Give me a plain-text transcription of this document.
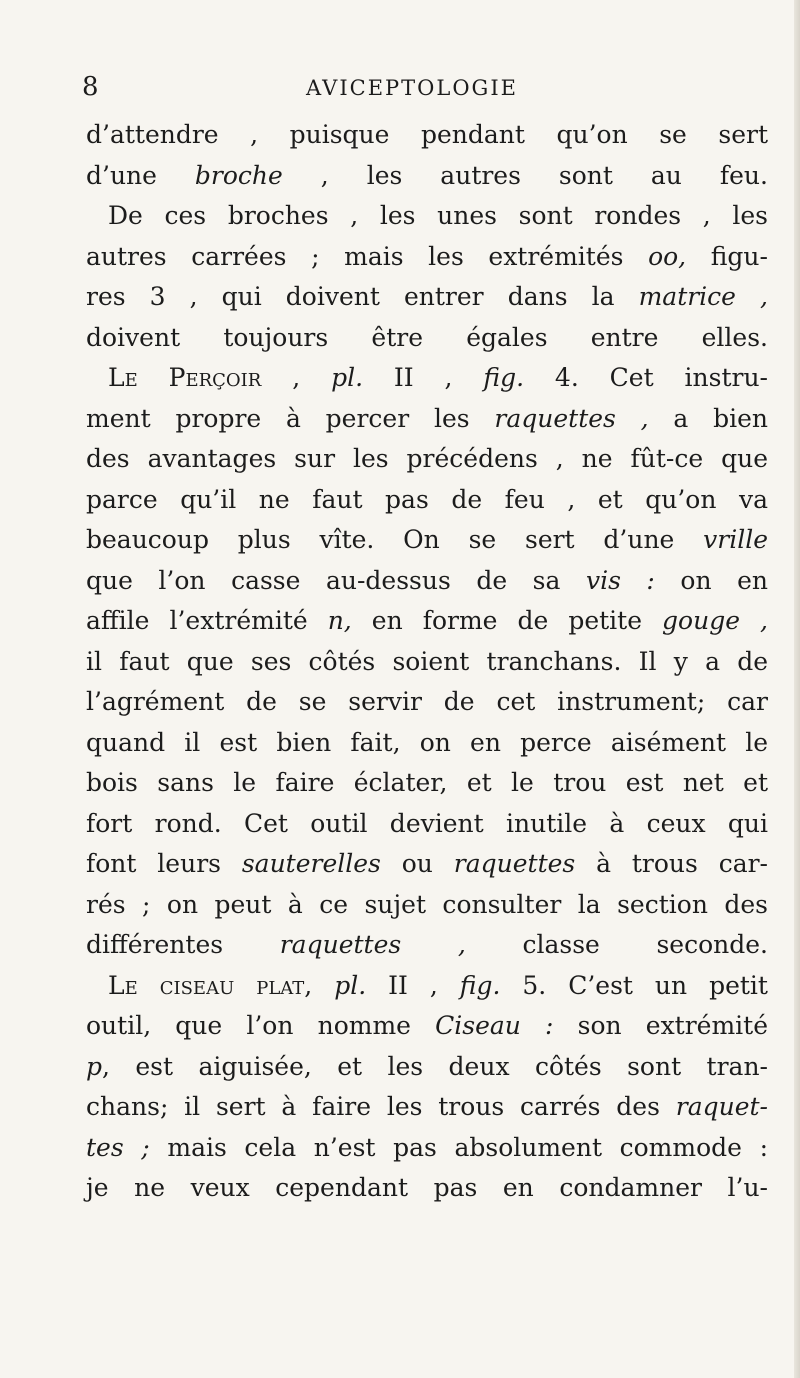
8	AVICEPTOLOGIE
d’attendre , puisque pendant qu’on se sert
d’une broche , les autres sont au feu.
De ces broches , les unes sont rondes , les
autres carrées ; mais les extrémités oo, figu-
res 3 , qui doivent entrer dans la matrice ,
doivent toujours être égales entre elles.
Le Perçoir , pl. II , fig. 4. Cet instru-
ment propre à percer les raquettes , a bien
des avantages sur les précédens , ne fût-ce que
parce qu’il ne faut pas de feu , et qu’on va
beaucoup plus vîte. On se sert d’une vrille
que l’on casse au-dessus de sa vis : on en
affile l’extrémité n, en forme de petite gouge ,
il faut que ses côtés soient tranchans. Il y a de
l’agrément de se servir de cet instrument; car
quand il est bien fait, on en perce aisément le
bois sans le faire éclater, et le trou est net et
fort rond. Cet outil devient inutile à ceux qui
font leurs sauterelles ou raquettes à trous car-
rés ; on peut à ce sujet consulter la section des
différentes raquettes , classe seconde.
Le ciseau plat, pl. II , fig. 5. C’est un petit
outil, que l’on nomme Ciseau : son extrémité
p, est aiguisée, et les deux côtés sont tran-
chans; il sert à faire les trous carrés des raquet-
tes ; mais cela n’est pas absolument commode :
je ne veux cependant pas en condamner l’u-
